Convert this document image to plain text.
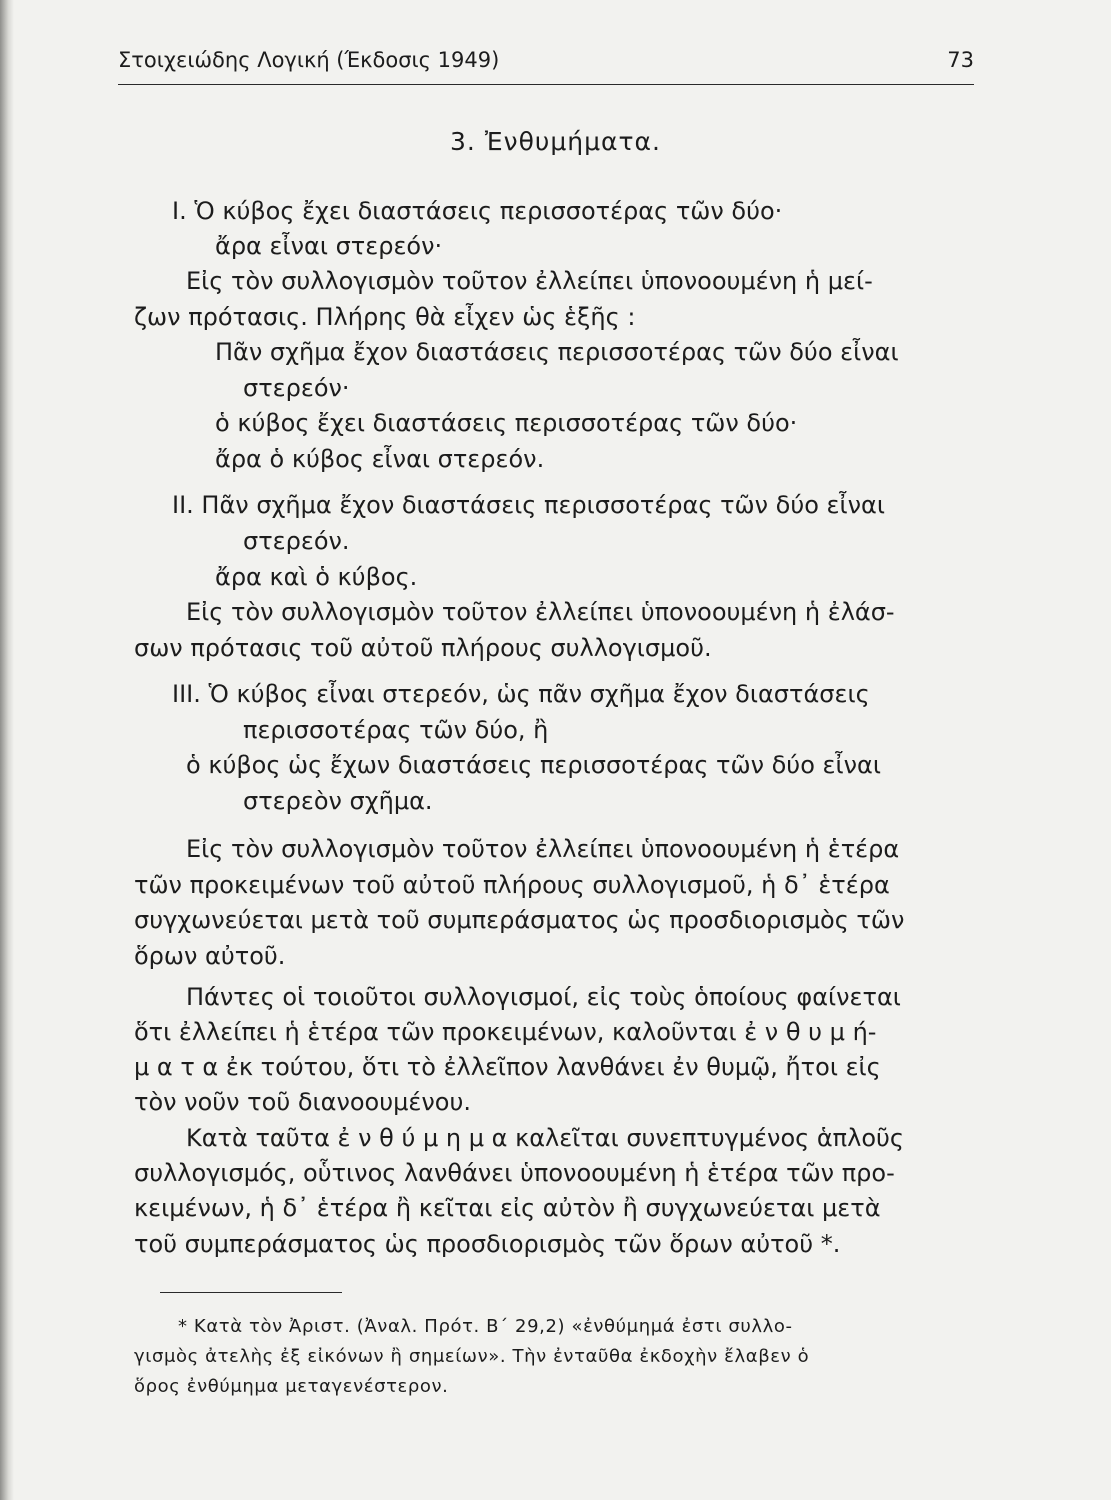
Στοιχειώδης Λογική (Έκδοσις 1949)	73
3. Ἐνθυμήματα.
I. Ὁ κύβος ἔχει διαστάσεις περισσοτέρας τῶν δύο·
ἄρα εἶναι στερεόν·
Εἰς τὸν συλλογισμὸν τοῦτον ἐλλείπει ὑπονοουμένη ἡ μεί-
ζων πρότασις. Πλήρης θὰ εἶχεν ὡς ἑξῆς :
Πᾶν σχῆμα ἔχον διαστάσεις περισσοτέρας τῶν δύο εἶναι
στερεόν·
ὁ κύβος ἔχει διαστάσεις περισσοτέρας τῶν δύο·
ἄρα ὁ κύβος εἶναι στερεόν.
II. Πᾶν σχῆμα ἔχον διαστάσεις περισσοτέρας τῶν δύο εἶναι
στερεόν.
ἄρα καὶ ὁ κύβος.
Εἰς τὸν συλλογισμὸν τοῦτον ἐλλείπει ὑπονοουμένη ἡ ἐλάσ-
σων πρότασις τοῦ αὐτοῦ πλήρους συλλογισμοῦ.
III. Ὁ κύβος εἶναι στερεόν, ὡς πᾶν σχῆμα ἔχον διαστάσεις
περισσοτέρας τῶν δύο, ἢ
ὁ κύβος ὡς ἔχων διαστάσεις περισσοτέρας τῶν δύο εἶναι
στερεὸν σχῆμα.
Εἰς τὸν συλλογισμὸν τοῦτον ἐλλείπει ὑπονοουμένη ἡ ἑτέρα
τῶν προκειμένων τοῦ αὐτοῦ πλήρους συλλογισμοῦ, ἡ δ᾽ ἑτέρα
συγχωνεύεται μετὰ τοῦ συμπεράσματος ὡς προσδιορισμὸς τῶν
ὅρων αὐτοῦ.
Πάντες οἱ τοιοῦτοι συλλογισμοί, εἰς τοὺς ὁποίους φαίνεται
ὅτι ἐλλείπει ἡ ἑτέρα τῶν προκειμένων, καλοῦνται ἐ ν θ υ μ ή-
μ α τ α ἐκ τούτου, ὅτι τὸ ἐλλεῖπον λανθάνει ἐν θυμῷ, ἤτοι εἰς
τὸν νοῦν τοῦ διανοουμένου.
Κατὰ ταῦτα ἐ ν θ ύ μ η μ α καλεῖται συνεπτυγμένος ἁπλοῦς
συλλογισμός, οὗτινος λανθάνει ὑπονοουμένη ἡ ἑτέρα τῶν προ-
κειμένων, ἡ δ᾽ ἑτέρα ἢ κεῖται εἰς αὐτὸν ἢ συγχωνεύεται μετὰ
τοῦ συμπεράσματος ὡς προσδιορισμὸς τῶν ὅρων αὐτοῦ *.
* Κατὰ τὸν Ἀριστ. (Ἀναλ. Πρότ. Β´ 29,2) «ἐνθύμημά ἐστι συλλο-
γισμὸς ἀτελὴς ἐξ εἰκόνων ἢ σημείων». Τὴν ἐνταῦθα ἐκδοχὴν ἔλαβεν ὁ
ὅρος ἐνθύμημα μεταγενέστερον.
